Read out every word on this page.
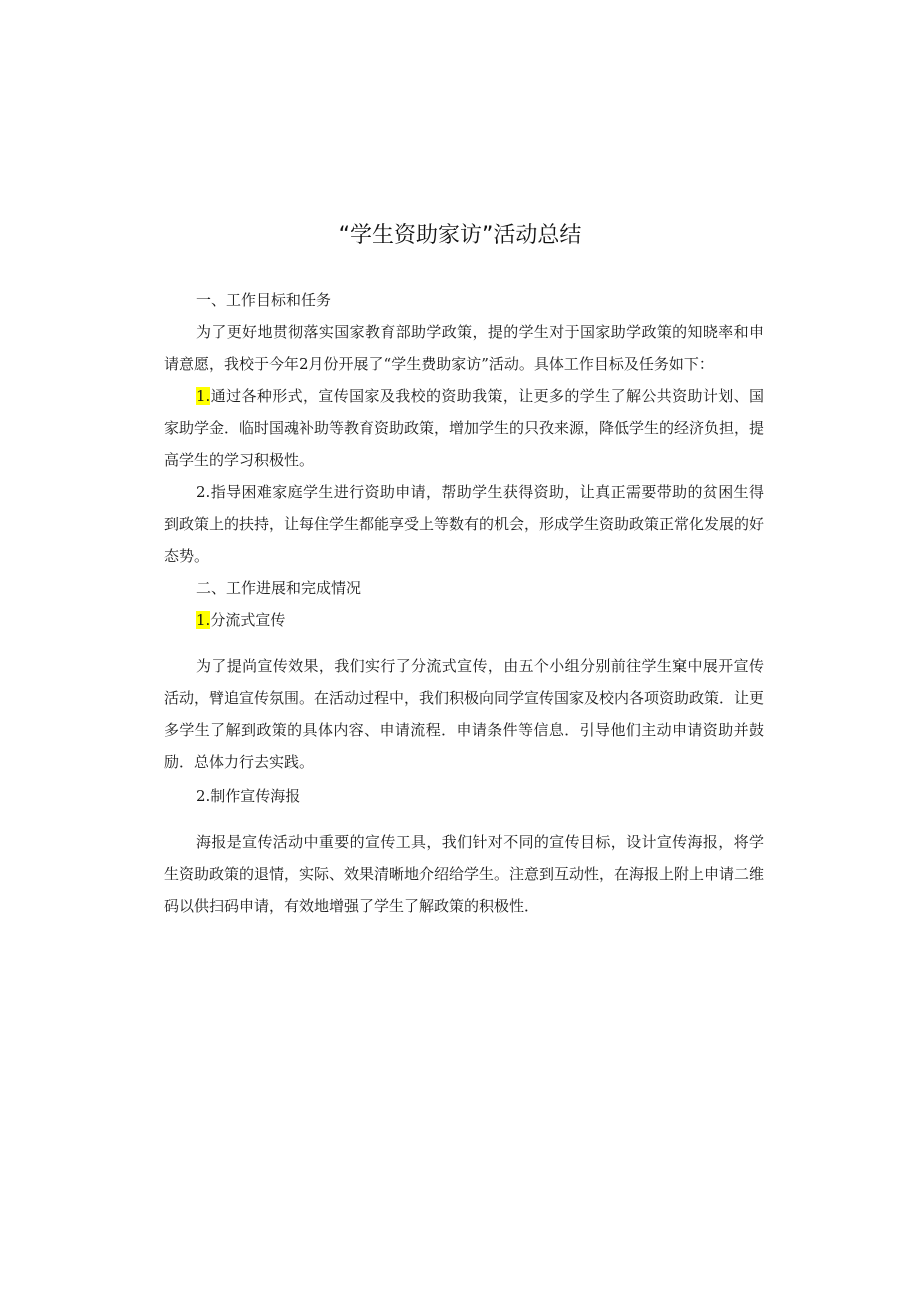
“学生资助家访”活动总结

一、工作目标和任务

为了更好地贯彻落实国家教育部助学政策，提的学生对于国家助学政策的知晓率和申请意愿，我校于今年2月份开展了“学生费助家访”活动。具体工作目标及任务如下：

1.通过各种形式，宣传国家及我校的资助我策，让更多的学生了解公共资助计划、国家助学金．临时国魂补助等教育资助政策，增加学生的只孜来源，降低学生的经济负担，提高学生的学习积极性。

2.指导困难家庭学生进行资助申请，帮助学生获得资助，让真正需要带助的贫困生得到政策上的扶持，让每住学生都能享受上等数有的机会，形成学生资助政策正常化发展的好态势。

二、工作进展和完成情况

1.分流式宣传

为了提尚宣传效果，我们实行了分流式宣传，由五个小组分别前往学生窠中展开宣传活动，臂追宣传氛围。在活动过程中，我们积极向同学宣传国家及校内各项资助政策．让更多学生了解到政策的具体内容、申请流程．申请条件等信息．引导他们主动申请资助并鼓励．总体力行去实践。

2.制作宣传海报

海报是宣传活动中重要的宣传工具，我们针对不同的宣传目标，设计宣传海报，将学生资助政策的退情，实际、效果清晰地介绍给学生。注意到互动性，在海报上附上申请二维码以供扫码申请，有效地增强了学生了解政策的积极性．
